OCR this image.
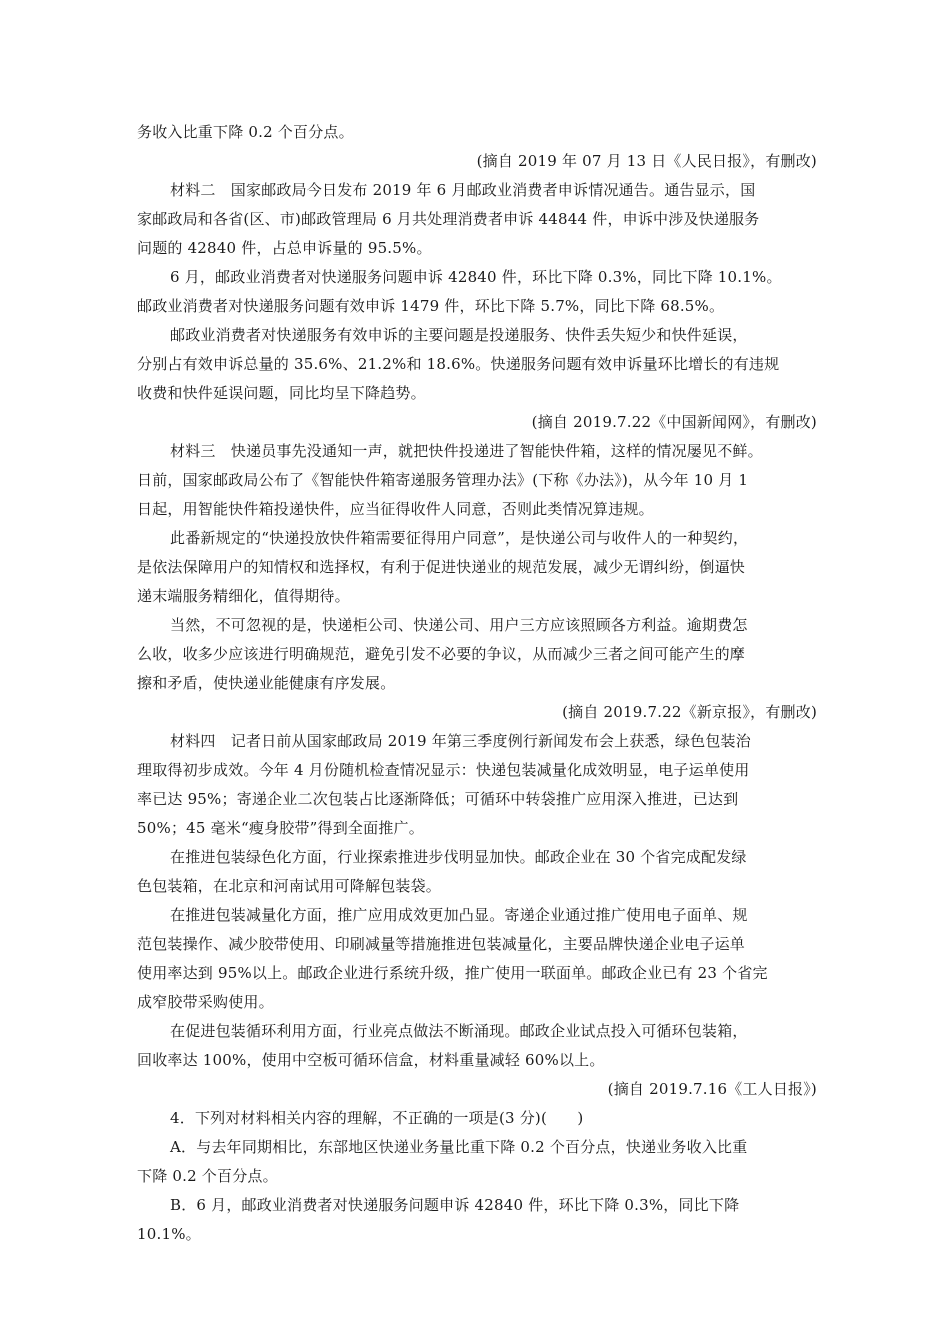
务收入比重下降 0.2 个百分点。

(摘自 2019 年 07 月 13 日《人民日报》，有删改)

材料二　国家邮政局今日发布 2019 年 6 月邮政业消费者申诉情况通告。通告显示，国

家邮政局和各省(区、市)邮政管理局 6 月共处理消费者申诉 44844 件，申诉中涉及快递服务

问题的 42840 件，占总申诉量的 95.5%。

6 月，邮政业消费者对快递服务问题申诉 42840 件，环比下降 0.3%，同比下降 10.1%。

邮政业消费者对快递服务问题有效申诉 1479 件，环比下降 5.7%，同比下降 68.5%。

邮政业消费者对快递服务有效申诉的主要问题是投递服务、快件丢失短少和快件延误，

分别占有效申诉总量的 35.6%、21.2%和 18.6%。快递服务问题有效申诉量环比增长的有违规

收费和快件延误问题，同比均呈下降趋势。

(摘自 2019.7.22《中国新闻网》，有删改)

材料三　快递员事先没通知一声，就把快件投递进了智能快件箱，这样的情况屡见不鲜。

日前，国家邮政局公布了《智能快件箱寄递服务管理办法》(下称《办法》)，从今年 10 月 1

日起，用智能快件箱投递快件，应当征得收件人同意，否则此类情况算违规。

此番新规定的“快递投放快件箱需要征得用户同意”，是快递公司与收件人的一种契约，

是依法保障用户的知情权和选择权，有利于促进快递业的规范发展，减少无谓纠纷，倒逼快

递末端服务精细化，值得期待。

当然，不可忽视的是，快递柜公司、快递公司、用户三方应该照顾各方利益。逾期费怎

么收，收多少应该进行明确规范，避免引发不必要的争议，从而减少三者之间可能产生的摩

擦和矛盾，使快递业能健康有序发展。

(摘自 2019.7.22《新京报》，有删改)

材料四　记者日前从国家邮政局 2019 年第三季度例行新闻发布会上获悉，绿色包装治

理取得初步成效。今年 4 月份随机检查情况显示：快递包装减量化成效明显，电子运单使用

率已达 95%；寄递企业二次包装占比逐渐降低；可循环中转袋推广应用深入推进，已达到

50%；45 毫米“瘦身胶带”得到全面推广。

在推进包装绿色化方面，行业探索推进步伐明显加快。邮政企业在 30 个省完成配发绿

色包装箱，在北京和河南试用可降解包装袋。

在推进包装减量化方面，推广应用成效更加凸显。寄递企业通过推广使用电子面单、规

范包装操作、减少胶带使用、印刷减量等措施推进包装减量化，主要品牌快递企业电子运单

使用率达到 95%以上。邮政企业进行系统升级，推广使用一联面单。邮政企业已有 23 个省完

成窄胶带采购使用。

在促进包装循环利用方面，行业亮点做法不断涌现。邮政企业试点投入可循环包装箱，

回收率达 100%，使用中空板可循环信盒，材料重量减轻 60%以上。

(摘自 2019.7.16《工人日报》)

4．下列对材料相关内容的理解，不正确的一项是(3 分)(　　)

A．与去年同期相比，东部地区快递业务量比重下降 0.2 个百分点，快递业务收入比重

下降 0.2 个百分点。

B．6 月，邮政业消费者对快递服务问题申诉 42840 件，环比下降 0.3%，同比下降

10.1%。
